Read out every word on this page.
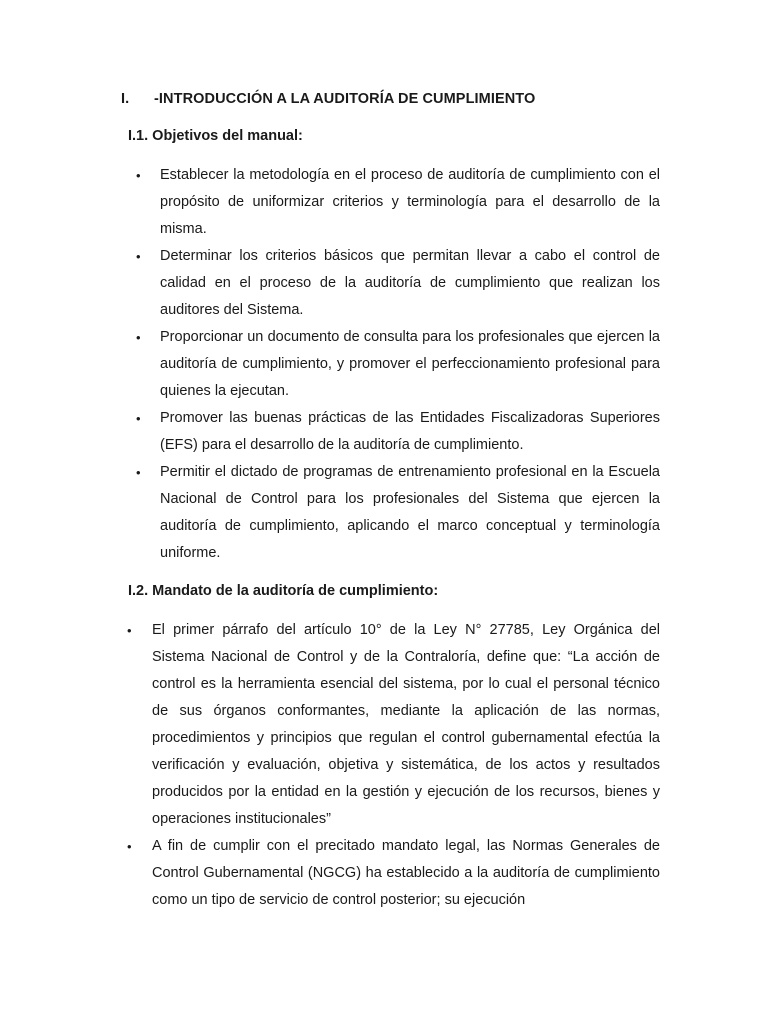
I. -INTRODUCCIÓN A LA AUDITORÍA DE CUMPLIMIENTO
I.1. Objetivos del manual:
• Establecer la metodología en el proceso de auditoría de cumplimiento con el propósito de uniformizar criterios y terminología para el desarrollo de la misma.
• Determinar los criterios básicos que permitan llevar a cabo el control de calidad en el proceso de la auditoría de cumplimiento que realizan los auditores del Sistema.
• Proporcionar un documento de consulta para los profesionales que ejercen la auditoría de cumplimiento, y promover el perfeccionamiento profesional para quienes la ejecutan.
• Promover las buenas prácticas de las Entidades Fiscalizadoras Superiores (EFS) para el desarrollo de la auditoría de cumplimiento.
• Permitir el dictado de programas de entrenamiento profesional en la Escuela Nacional de Control para los profesionales del Sistema que ejercen la auditoría de cumplimiento, aplicando el marco conceptual y terminología uniforme.
I.2. Mandato de la auditoría de cumplimiento:
• El primer párrafo del artículo 10° de la Ley N° 27785, Ley Orgánica del Sistema Nacional de Control y de la Contraloría, define que: “La acción de control es la herramienta esencial del sistema, por lo cual el personal técnico de sus órganos conformantes, mediante la aplicación de las normas, procedimientos y principios que regulan el control gubernamental efectúa la verificación y evaluación, objetiva y sistemática, de los actos y resultados producidos por la entidad en la gestión y ejecución de los recursos, bienes y operaciones institucionales”
• A fin de cumplir con el precitado mandato legal, las Normas Generales de Control Gubernamental (NGCG) ha establecido a la auditoría de cumplimiento como un tipo de servicio de control posterior; su ejecución
